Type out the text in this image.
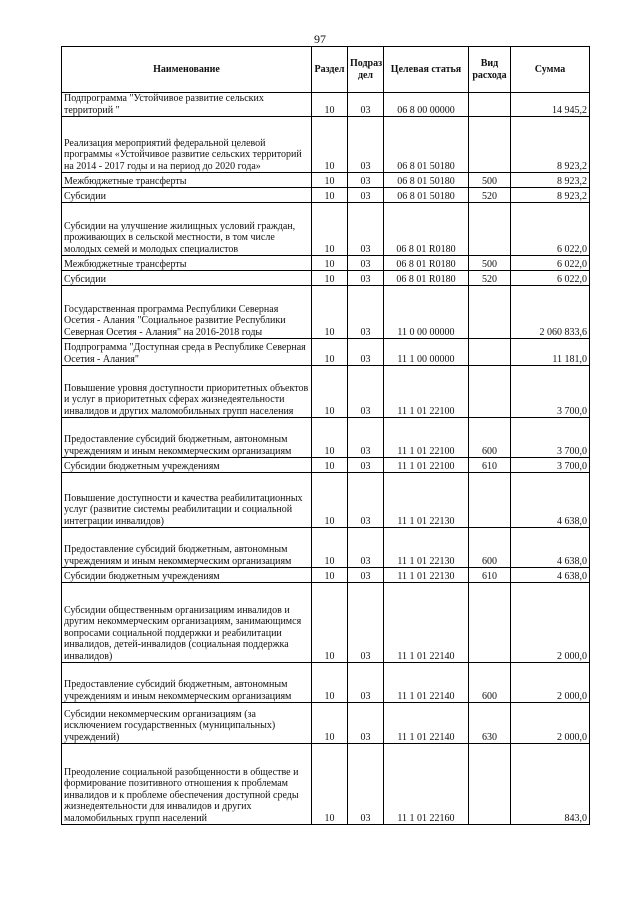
97
Наименование	Раздел	Подраз дел	Целевая статья	Вид расхода	Сумма
Подпрограмма "Устойчивое развитие сельских территорий "	10	03	06 8 00 00000		14 945,2
Реализация мероприятий федеральной целевой программы «Устойчивое развитие сельских территорий на 2014 - 2017 годы и на период до 2020 года»	10	03	06 8 01 50180		8 923,2
Межбюджетные трансферты	10	03	06 8 01 50180	500	8 923,2
Субсидии	10	03	06 8 01 50180	520	8 923,2
Субсидии на улучшение жилищных условий граждан, проживающих в сельской местности, в том числе молодых семей и молодых специалистов	10	03	06 8 01 R0180		6 022,0
Межбюджетные трансферты	10	03	06 8 01 R0180	500	6 022,0
Субсидии	10	03	06 8 01 R0180	520	6 022,0
Государственная программа Республики Северная Осетия - Алания "Социальное развитие Республики Северная Осетия - Алания" на 2016-2018 годы	10	03	11 0 00 00000		2 060 833,6
Подпрограмма "Доступная среда в Республике Северная Осетия - Алания"	10	03	11 1 00 00000		11 181,0
Повышение уровня доступности приоритетных объектов и услуг в приоритетных сферах жизнедеятельности инвалидов и других маломобильных групп населения	10	03	11 1 01 22100		3 700,0
Предоставление субсидий бюджетным, автономным учреждениям и иным некоммерческим организациям	10	03	11 1 01 22100	600	3 700,0
Субсидии бюджетным учреждениям	10	03	11 1 01 22100	610	3 700,0
Повышение доступности и качества реабилитационных услуг (развитие системы реабилитации и социальной интеграции инвалидов)	10	03	11 1 01 22130		4 638,0
Предоставление субсидий бюджетным, автономным учреждениям и иным некоммерческим организациям	10	03	11 1 01 22130	600	4 638,0
Субсидии бюджетным учреждениям	10	03	11 1 01 22130	610	4 638,0
Субсидии общественным организациям инвалидов и другим некоммерческим организациям, занимающимся вопросами социальной поддержки и реабилитации инвалидов, детей-инвалидов (социальная поддержка инвалидов)	10	03	11 1 01 22140		2 000,0
Предоставление субсидий бюджетным, автономным учреждениям и иным некоммерческим организациям	10	03	11 1 01 22140	600	2 000,0
Субсидии некоммерческим организациям (за исключением государственных (муниципальных) учреждений)	10	03	11 1 01 22140	630	2 000,0
Преодоление социальной разобщенности в обществе и формирование позитивного отношения к проблемам инвалидов и к проблеме обеспечения доступной среды жизнедеятельности для инвалидов и других маломобильных групп населений	10	03	11 1 01 22160		843,0
